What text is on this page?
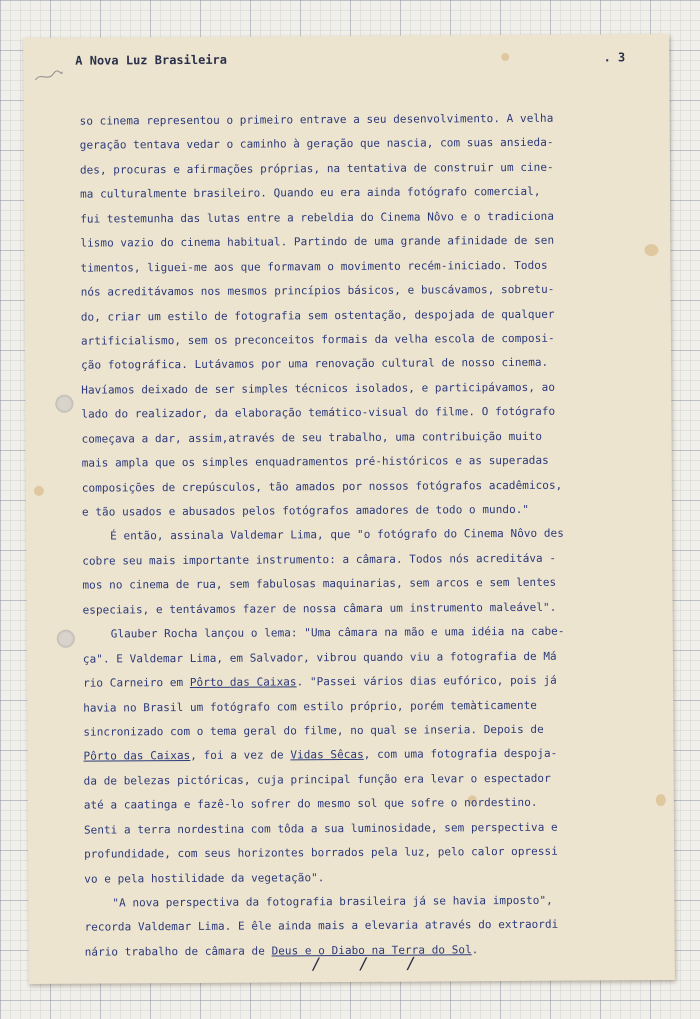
A Nova Luz Brasileira	. 3
so cinema representou o primeiro entrave a seu desenvolvimento. A velha
geração tentava vedar o caminho à geração que nascia, com suas ansieda-
des, procuras e afirmações próprias, na tentativa de construir um cine-
ma culturalmente brasileiro. Quando eu era ainda fotógrafo comercial,
fui testemunha das lutas entre a rebeldia do Cinema Nôvo e o tradiciona
lismo vazio do cinema habitual. Partindo de uma grande afinidade de sen
timentos, liguei-me aos que formavam o movimento recém-iniciado. Todos
nós acreditávamos nos mesmos princípios básicos, e buscávamos, sobretu-
do, criar um estilo de fotografia sem ostentação, despojada de qualquer
artificialismo, sem os preconceitos formais da velha escola de composi-
ção fotográfica. Lutávamos por uma renovação cultural de nosso cinema.
Havíamos deixado de ser simples técnicos isolados, e participávamos, ao
lado do realizador, da elaboração temático-visual do filme. O fotógrafo
começava a dar, assim,através de seu trabalho, uma contribuição muito
mais ampla que os simples enquadramentos pré-históricos e as superadas
composições de crepúsculos, tão amados por nossos fotógrafos acadêmicos,
e tão usados e abusados pelos fotógrafos amadores de todo o mundo."
É então, assinala Valdemar Lima, que "o fotógrafo do Cinema Nôvo des
cobre seu mais importante instrumento: a câmara. Todos nós acreditáva -
mos no cinema de rua, sem fabulosas maquinarias, sem arcos e sem lentes
especiais, e tentávamos fazer de nossa câmara um instrumento maleável".
Glauber Rocha lançou o lema: "Uma câmara na mão e uma idéia na cabe-
ça". E Valdemar Lima, em Salvador, vibrou quando viu a fotografia de Má
rio Carneiro em Pôrto das Caixas. "Passei vários dias eufórico, pois já
havia no Brasil um fotógrafo com estilo próprio, porém temàticamente
sincronizado com o tema geral do filme, no qual se inseria. Depois de
Pôrto das Caixas, foi a vez de Vidas Sêcas, com uma fotografia despoja-
da de belezas pictóricas, cuja principal função era levar o espectador
até a caatinga e fazê-lo sofrer do mesmo sol que sofre o nordestino.
Senti a terra nordestina com tôda a sua luminosidade, sem perspectiva e
profundidade, com seus horizontes borrados pela luz, pelo calor opressi
vo e pela hostilidade da vegetação".
"A nova perspectiva da fotografia brasileira já se havia imposto",
recorda Valdemar Lima. E êle ainda mais a elevaria através do extraordi
nário trabalho de câmara de Deus e o Diabo na Terra do Sol.
/ / /
